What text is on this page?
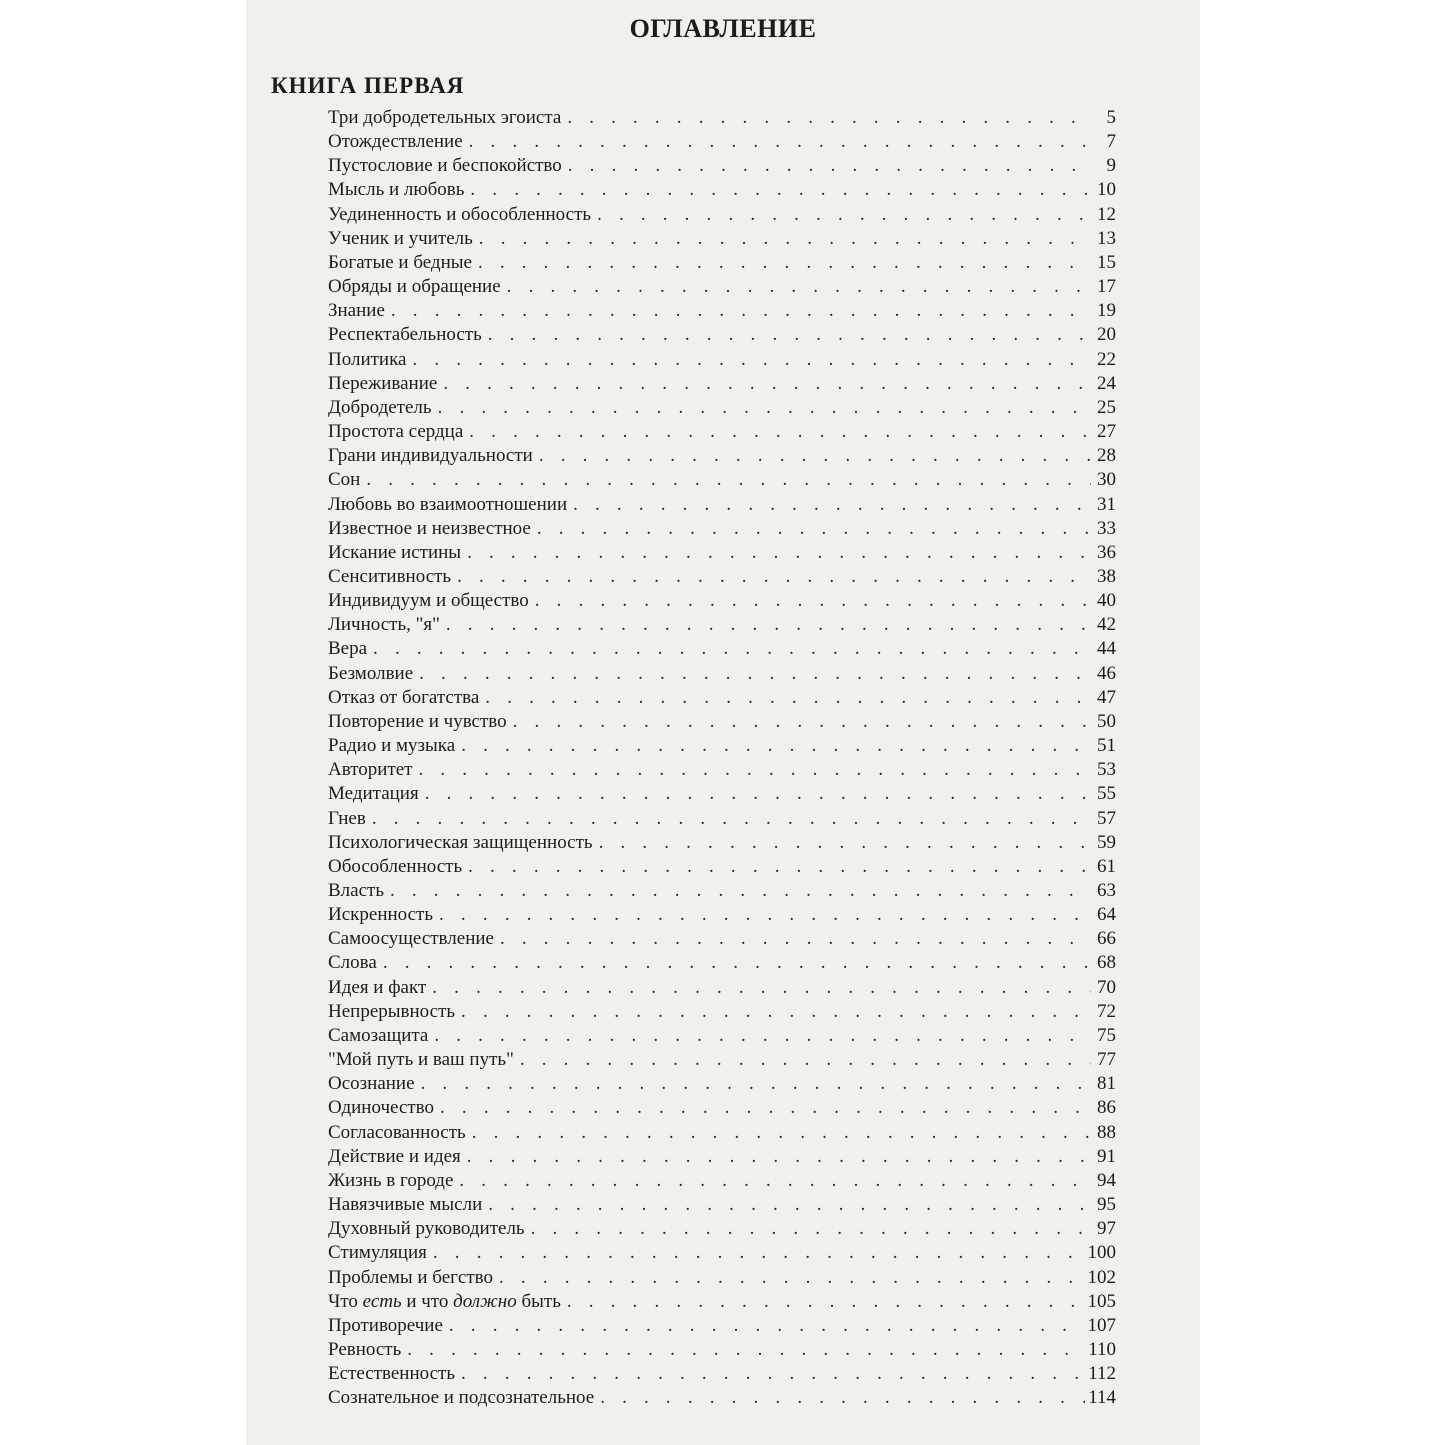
ОГЛАВЛЕНИЕ
КНИГА ПЕРВАЯ
Три добродетельных эгоиста . . .	5
Отождествление . . .	7
Пустословие и беспокойство . . .	9
Мысль и любовь . . .	10
Уединенность и обособленность . . .	12
Ученик и учитель . . .	13
Богатые и бедные . . .	15
Обряды и обращение . . .	17
Знание . . .	19
Респектабельность . . .	20
Политика . . .	22
Переживание . . .	24
Добродетель . . .	25
Простота сердца . . .	27
Грани индивидуальности . . .	28
Сон . . .	30
Любовь во взаимоотношении . . .	31
Известное и неизвестное . . .	33
Искание истины . . .	36
Сенситивность . . .	38
Индивидуум и общество . . .	40
Личность, "я" . . .	42
Вера . . .	44
Безмолвие . . .	46
Отказ от богатства . . .	47
Повторение и чувство . . .	50
Радио и музыка . . .	51
Авторитет . . .	53
Медитация . . .	55
Гнев . . .	57
Психологическая защищенность . . .	59
Обособленность . . .	61
Власть . . .	63
Искренность . . .	64
Самоосуществление . . .	66
Слова . . .	68
Идея и факт . . .	70
Непрерывность . . .	72
Самозащита . . .	75
"Мой путь и ваш путь" . . .	77
Осознание . . .	81
Одиночество . . .	86
Согласованность . . .	88
Действие и идея . . .	91
Жизнь в городе . . .	94
Навязчивые мысли . . .	95
Духовный руководитель . . .	97
Стимуляция . . .	100
Проблемы и бегство . . .	102
Что есть и что должно быть . . .	105
Противоречие . . .	107
Ревность . . .	110
Естественность . . .	112
Сознательное и подсознательное . . .	114
